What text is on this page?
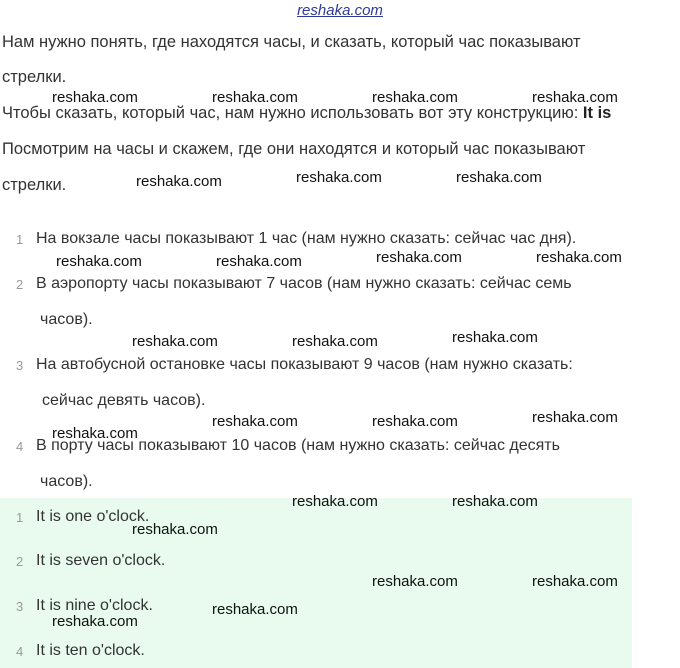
reshaka.com
Нам нужно понять, где находятся часы, и сказать, который час показывают
стрелки.
Чтобы сказать, который час, нам нужно использовать вот эту конструкцию: It is
Посмотрим на часы и скажем, где они находятся и который час показывают
стрелки.
1 На вокзале часы показывают 1 час (нам нужно сказать: сейчас час дня).
2 В аэропорту часы показывают 7 часов (нам нужно сказать: сейчас семь
часов).
3 На автобусной остановке часы показывают 9 часов (нам нужно сказать:
сейчас девять часов).
4 В порту часы показывают 10 часов (нам нужно сказать: сейчас десять
часов).
1 It is one o'clock.
2 It is seven o'clock.
3 It is nine o'clock.
4 It is ten o'clock.
reshaka.com	reshaka.com	reshaka.com	reshaka.com
reshaka.com	reshaka.com	reshaka.com
reshaka.com	reshaka.com	reshaka.com	reshaka.com
reshaka.com	reshaka.com	reshaka.com
reshaka.com
reshaka.com	reshaka.com	reshaka.com
reshaka.com	reshaka.com
reshaka.com
reshaka.com	reshaka.com
reshaka.com
reshaka.com
